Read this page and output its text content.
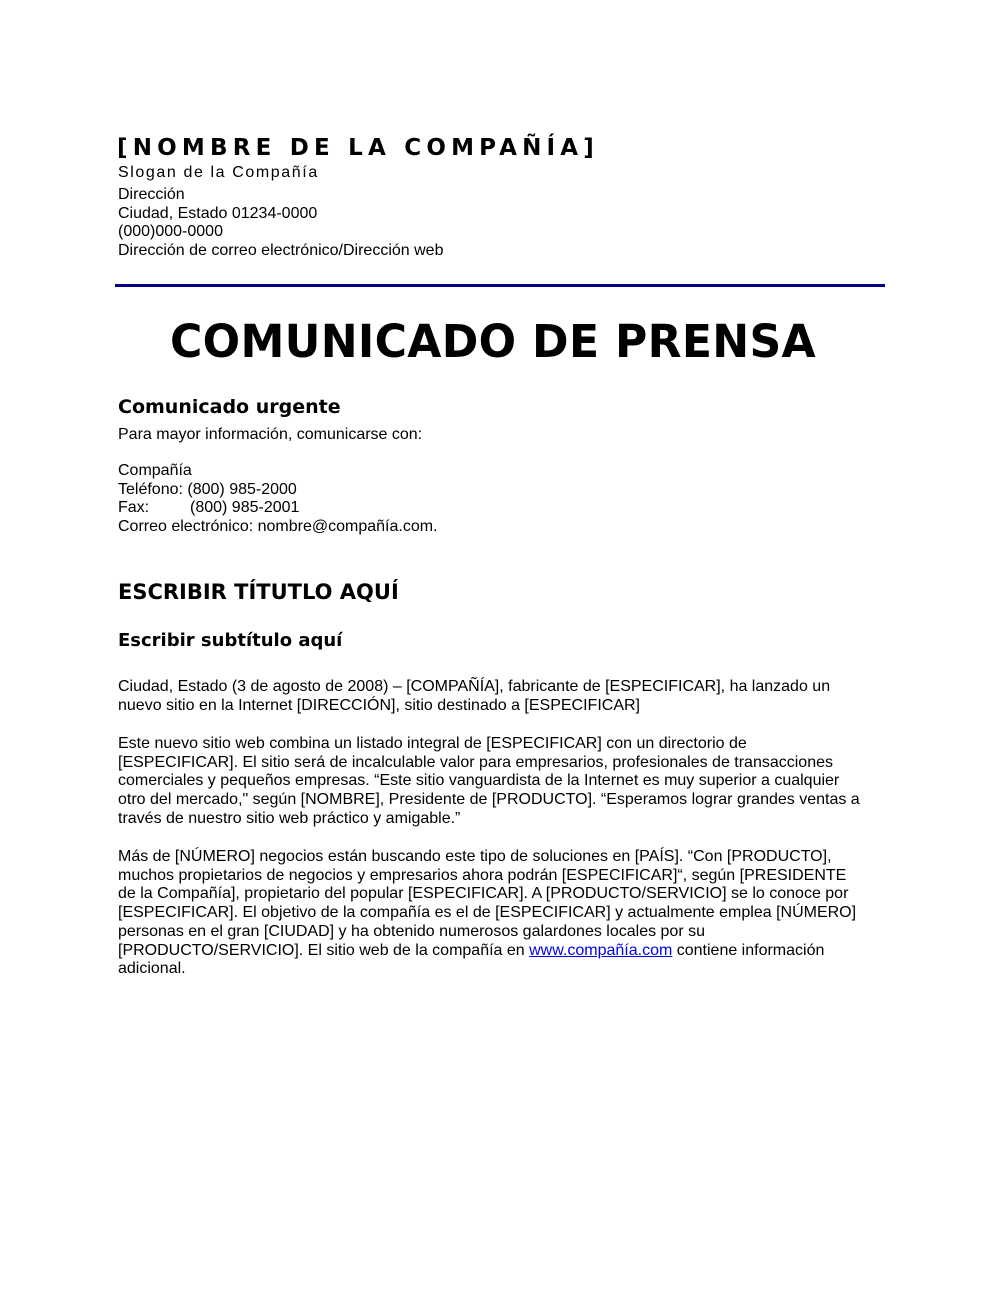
[NOMBRE DE LA COMPAÑÍA]
Slogan de la Compañía
Dirección
Ciudad, Estado 01234-0000
(000)000-0000
Dirección de correo electrónico/Dirección web
COMUNICADO DE PRENSA
Comunicado urgente
Para mayor información, comunicarse con:
Compañía
Teléfono:
(800) 985-2000
Fax:	(800) 985-2001
Correo electrónico:
nombre@compañía.com.
ESCRIBIR TÍTUTLO AQUÍ
Escribir subtítulo aquí
Ciudad, Estado (3 de agosto de 2008) – [COMPAÑÍA], fabricante de [ESPECIFICAR], ha lanzado un
nuevo sitio en la Internet [DIRECCIÓN], sitio destinado a [ESPECIFICAR]
Este nuevo sitio web combina un listado integral de [ESPECIFICAR] con un directorio de
[ESPECIFICAR]. El sitio será de incalculable valor para empresarios, profesionales de transacciones
comerciales y pequeños empresas. “Este sitio vanguardista de la Internet es muy superior a cualquier
otro del mercado," según [NOMBRE], Presidente de [PRODUCTO]. “Esperamos lograr grandes ventas a
través de nuestro sitio web práctico y amigable.”
Más de [NÚMERO] negocios están buscando este tipo de soluciones en [PAÍS]. “Con [PRODUCTO],
muchos propietarios de negocios y empresarios ahora podrán [ESPECIFICAR]“, según [PRESIDENTE
de la Compañía], propietario del popular [ESPECIFICAR]. A [PRODUCTO/SERVICIO] se lo conoce por
[ESPECIFICAR]. El objetivo de la compañía es el de [ESPECIFICAR] y actualmente emplea [NÚMERO]
personas en el gran [CIUDAD] y ha obtenido numerosos galardones locales por su
[PRODUCTO/SERVICIO]. El sitio web de la compañía en www.compañía.com contiene información
adicional.
